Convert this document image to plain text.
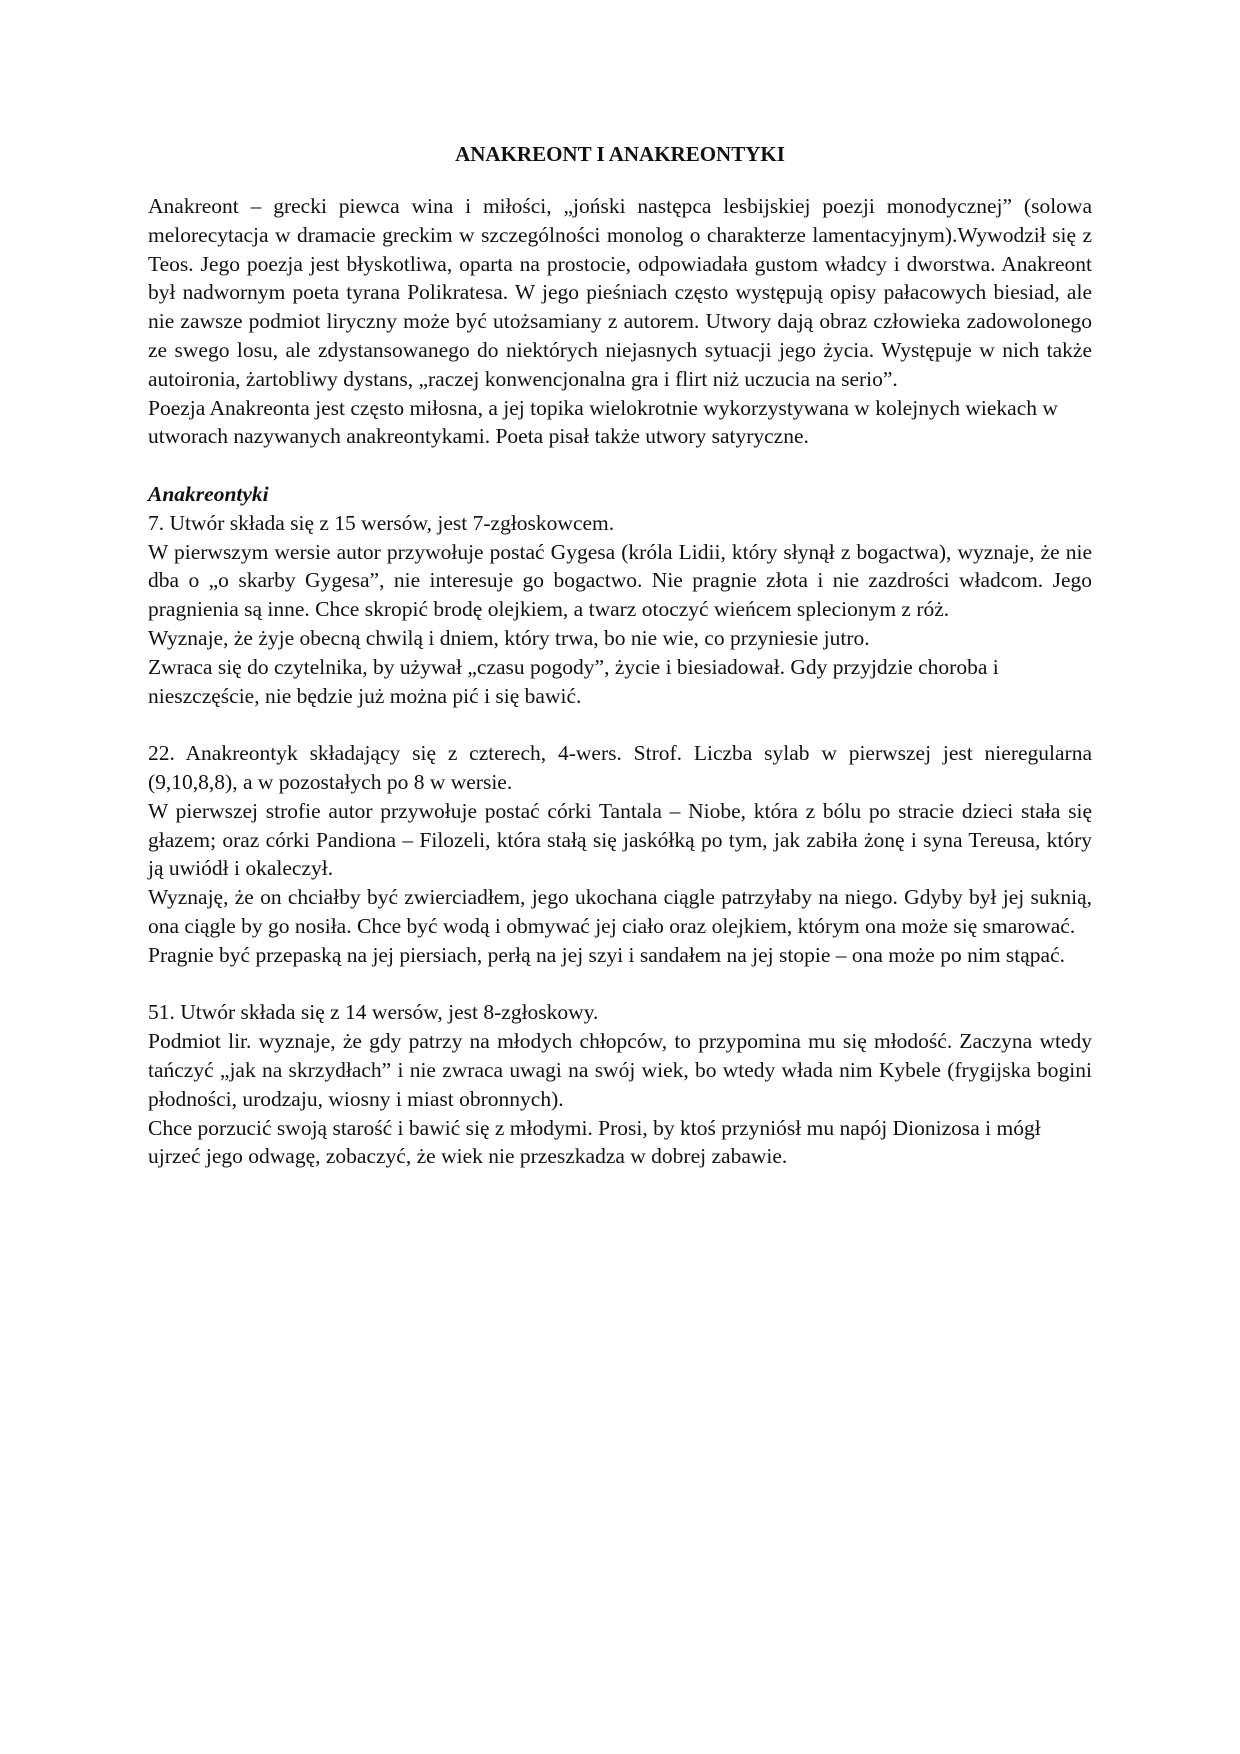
ANAKREONT I ANAKREONTYKI

Anakreont – grecki piewca wina i miłości, „joński następca lesbijskiej poezji monodycznej” (solowa melorecytacja w dramacie greckim w szczególności monolog o charakterze lamentacyjnym).Wywodził się z Teos. Jego poezja jest błyskotliwa, oparta na prostocie, odpowiadała gustom władcy i dworstwa. Anakreont był nadwornym poeta tyrana Polikratesa. W jego pieśniach często występują opisy pałacowych biesiad, ale nie zawsze podmiot liryczny może być utożsamiany z autorem. Utwory dają obraz człowieka zadowolonego ze swego losu, ale zdystansowanego do niektórych niejasnych sytuacji jego życia. Występuje w nich także autoironia, żartobliwy dystans, „raczej konwencjonalna gra i flirt niż uczucia na serio”.

Poezja Anakreonta jest często miłosna, a jej topika wielokrotnie wykorzystywana w kolejnych wiekach w utworach nazywanych anakreontykami. Poeta pisał także utwory satyryczne.

Anakreontyki

7. Utwór składa się z 15 wersów, jest 7-zgłoskowcem.

W pierwszym wersie autor przywołuje postać Gygesa (króla Lidii, który słynął z bogactwa), wyznaje, że nie dba o „o skarby Gygesa”, nie interesuje go bogactwo. Nie pragnie złota i nie zazdrości władcom. Jego pragnienia są inne. Chce skropić brodę olejkiem, a twarz otoczyć wieńcem splecionym z róż.

Wyznaje, że żyje obecną chwilą i dniem, który trwa, bo nie wie, co przyniesie jutro.

Zwraca się do czytelnika, by używał „czasu pogody”, życie i biesiadował. Gdy przyjdzie choroba i nieszczęście, nie będzie już można pić i się bawić.

22. Anakreontyk składający się z czterech, 4-wers. Strof. Liczba sylab w pierwszej jest nieregularna (9,10,8,8), a w pozostałych po 8 w wersie.

W pierwszej strofie autor przywołuje postać córki Tantala – Niobe, która z bólu po stracie dzieci stała się głazem; oraz córki Pandiona – Filozeli, która stałą się jaskółką po tym, jak zabiła żonę i syna Tereusa, który ją uwiódł i okaleczył.

Wyznaję, że on chciałby być zwierciadłem, jego ukochana ciągle patrzyłaby na niego. Gdyby był jej suknią, ona ciągle by go nosiła. Chce być wodą i obmywać jej ciało oraz olejkiem, którym ona może się smarować.

Pragnie być przepaską na jej piersiach, perłą na jej szyi i sandałem na jej stopie – ona może po nim stąpać.

51. Utwór składa się z 14 wersów, jest 8-zgłoskowy.

Podmiot lir. wyznaje, że gdy patrzy na młodych chłopców, to przypomina mu się młodość. Zaczyna wtedy tańczyć „jak na skrzydłach” i nie zwraca uwagi na swój wiek, bo wtedy włada nim Kybele (frygijska bogini płodności, urodzaju, wiosny i miast obronnych).

Chce porzucić swoją starość i bawić się z młodymi. Prosi, by ktoś przyniósł mu napój Dionizosa i mógł ujrzeć jego odwagę, zobaczyć, że wiek nie przeszkadza w dobrej zabawie.
